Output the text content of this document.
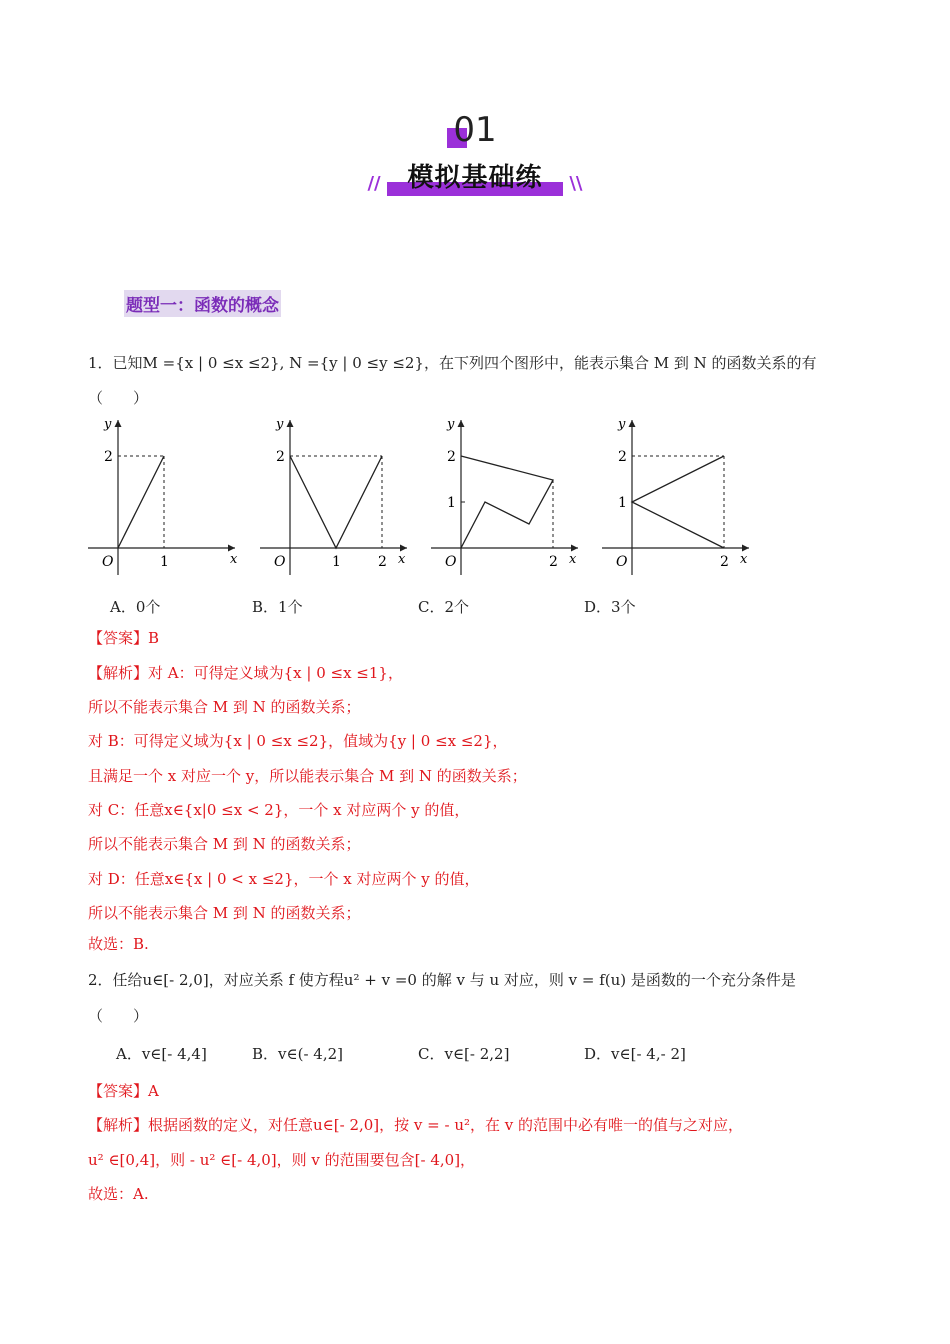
01

// 模拟基础练 \\
题型一：函数的概念
1．已知M ={x | 0 ≤x ≤2}, N ={y | 0 ≤y ≤2}，在下列四个图形中，能表示集合 M 到 N 的函数关系的有
（　　）
y
x
O
2
1
y
x
O
2
1	2
y
x
O
2
1
2
y
x
O
2
1
2
A．0个	B．1个	C．2个	D．3个
【答案】B
【解析】对 A：可得定义域为{x | 0 ≤x ≤1}，
所以不能表示集合 M 到 N 的函数关系；
对 B：可得定义域为{x | 0 ≤x ≤2}，值域为{y | 0 ≤x ≤2}，
且满足一个 x 对应一个 y，所以能表示集合 M 到 N 的函数关系；
对 C：任意x∈{x|0 ≤x < 2}，一个 x 对应两个 y 的值，
所以不能表示集合 M 到 N 的函数关系；
对 D：任意x∈{x | 0 < x ≤2}，一个 x 对应两个 y 的值，
所以不能表示集合 M 到 N 的函数关系；
故选：B.
2．任给u∈[- 2,0]，对应关系 f 使方程u² + v =0 的解 v 与 u 对应，则 v = f(u) 是函数的一个充分条件是
（　　）
A．v∈[- 4,4]	B．v∈(- 4,2]	C．v∈[- 2,2]	D．v∈[- 4,- 2]
【答案】A
【解析】根据函数的定义，对任意u∈[- 2,0]，按 v = - u²，在 v 的范围中必有唯一的值与之对应，
u² ∈[0,4]，则 - u² ∈[- 4,0]，则 v 的范围要包含[- 4,0]，
故选：A.
